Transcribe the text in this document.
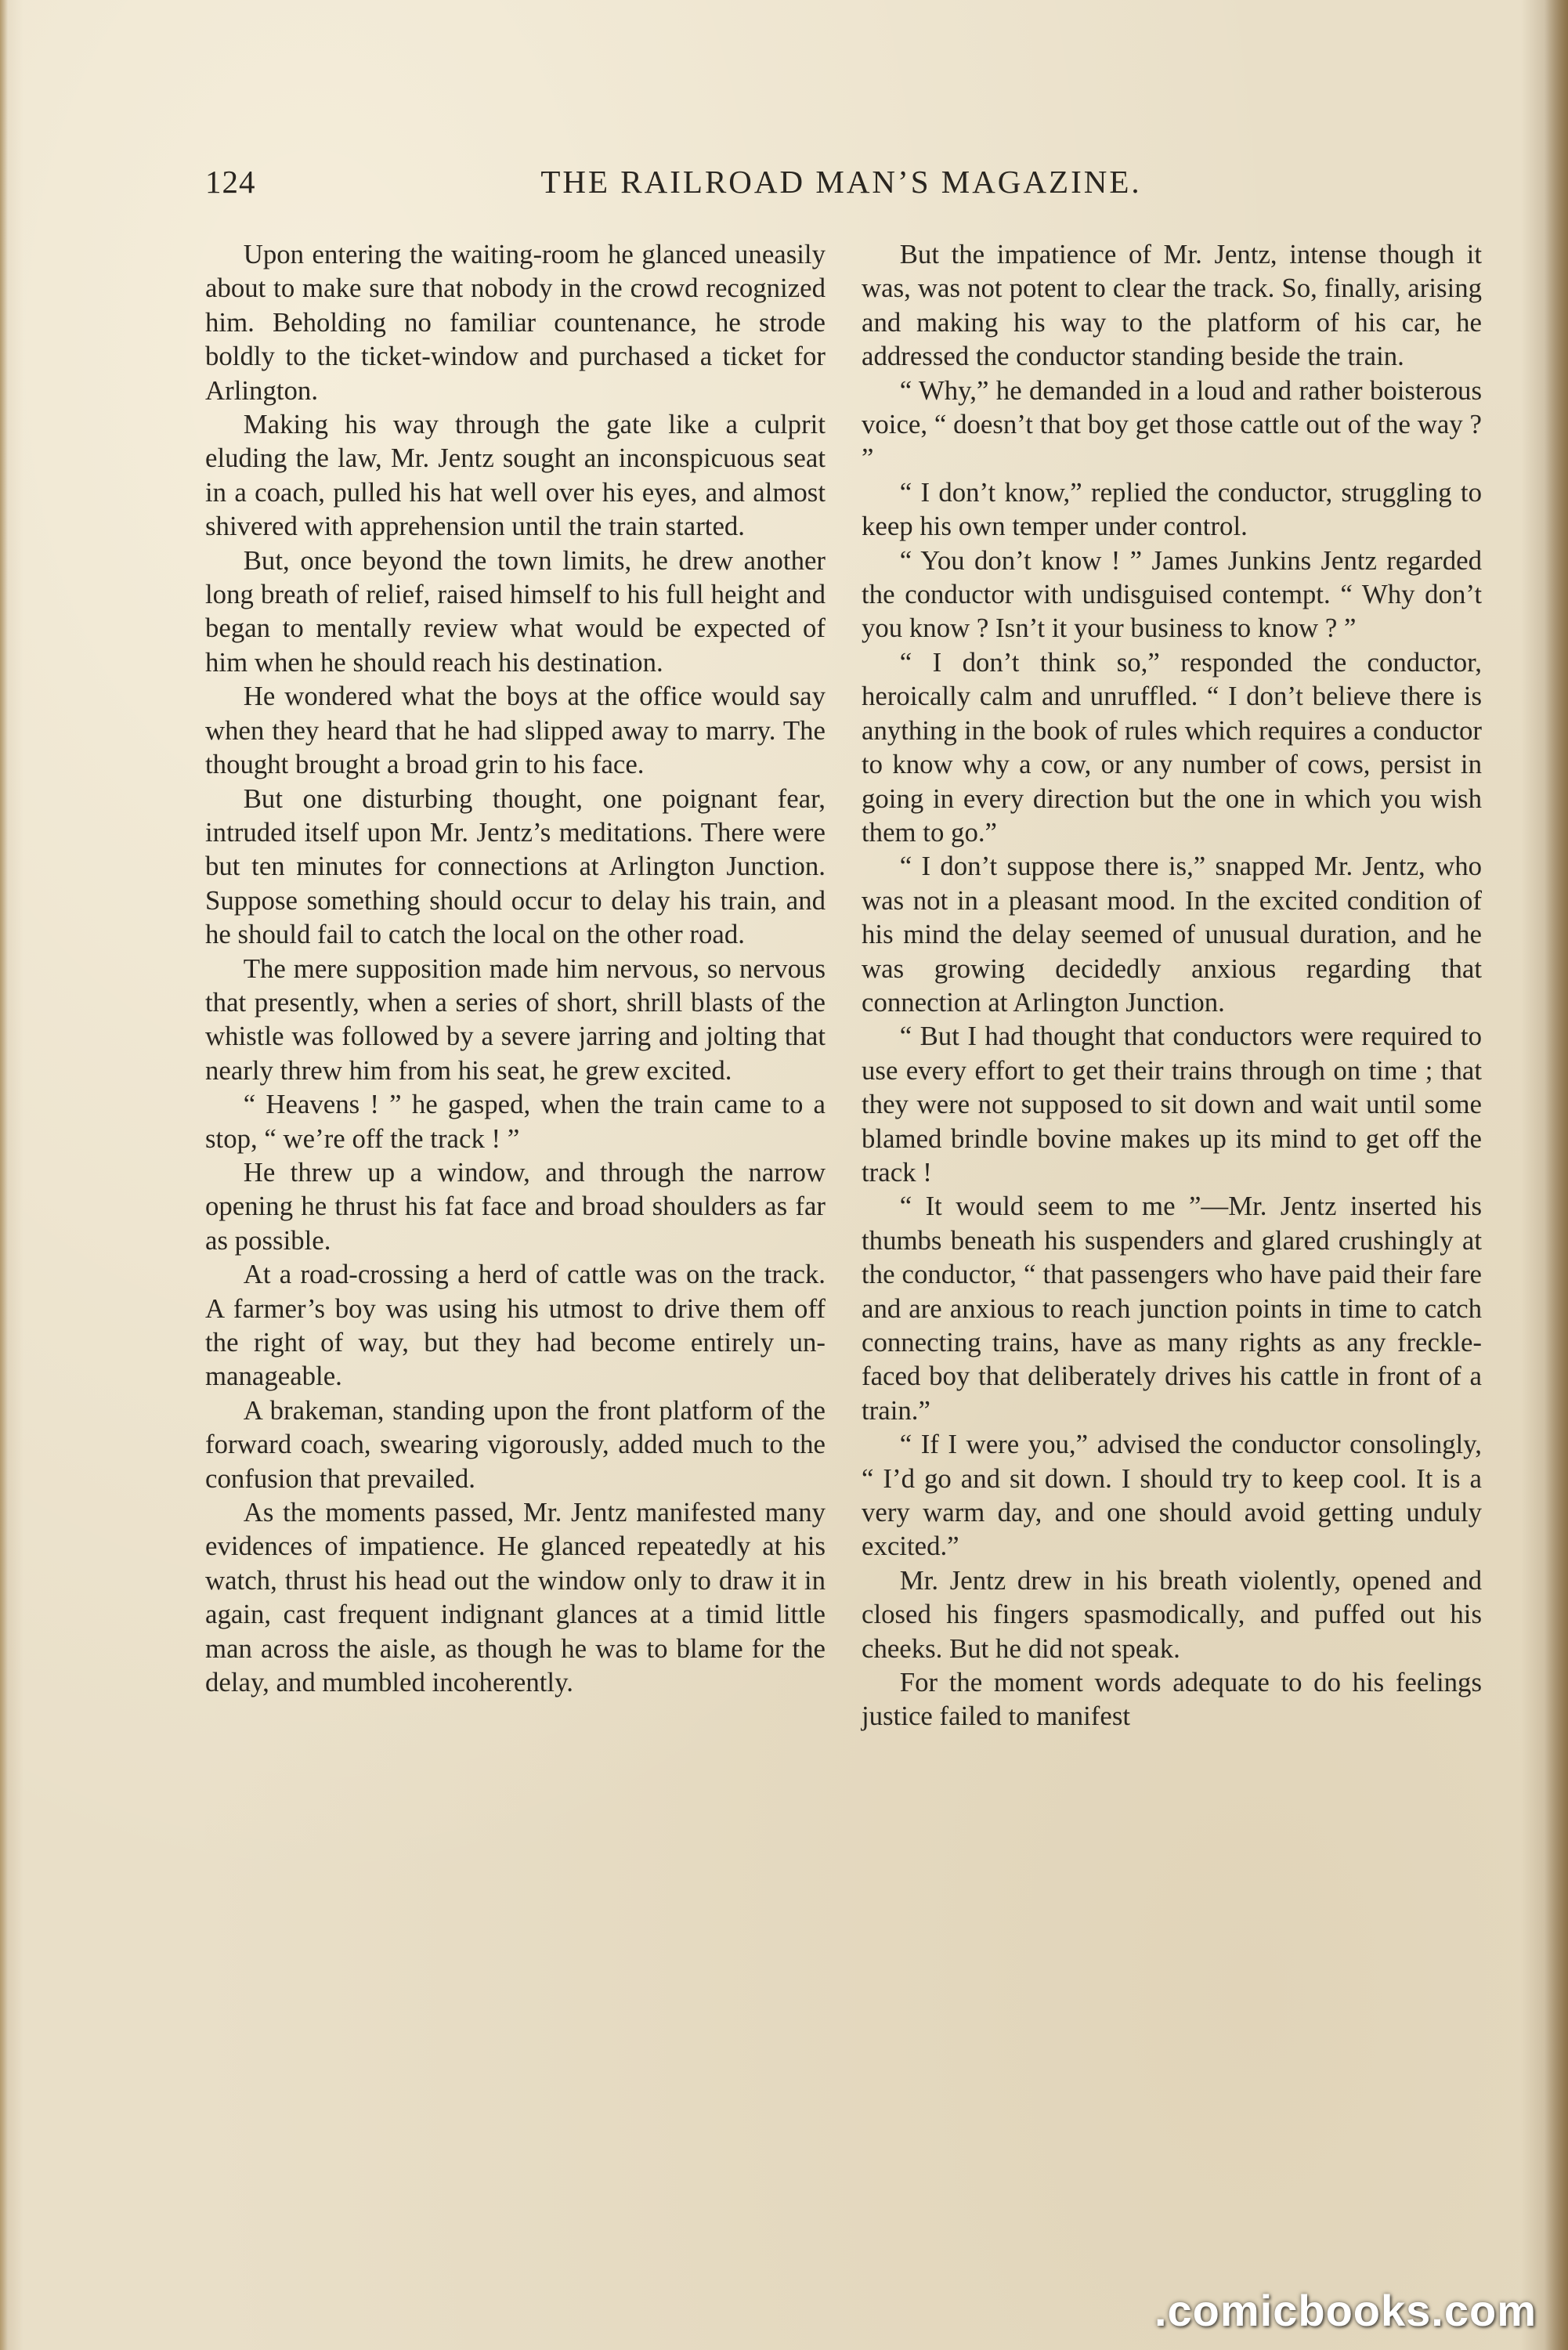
124	THE RAILROAD MAN’S MAGAZINE.

Upon entering the waiting-room he glanced uneasily about to make sure that nobody in the crowd recognized him. Beholding no familiar countenance, he strode boldly to the ticket-window and purchased a ticket for Arlington.

Making his way through the gate like a culprit eluding the law, Mr. Jentz sought an inconspicuous seat in a coach, pulled his hat well over his eyes, and almost shivered with apprehension until the train started.

But, once beyond the town limits, he drew another long breath of relief, raised himself to his full height and began to mentally review what would be expected of him when he should reach his destination.

He wondered what the boys at the office would say when they heard that he had slipped away to marry. The thought brought a broad grin to his face.

But one disturbing thought, one poignant fear, intruded itself upon Mr. Jentz’s meditations. There were but ten minutes for connections at Arlington Junction. Suppose something should occur to delay his train, and he should fail to catch the local on the other road.

The mere supposition made him nervous, so nervous that presently, when a series of short, shrill blasts of the whistle was followed by a severe jarring and jolting that nearly threw him from his seat, he grew excited.

“ Heavens ! ” he gasped, when the train came to a stop, “ we’re off the track ! ”

He threw up a window, and through the narrow opening he thrust his fat face and broad shoulders as far as possible.

At a road-crossing a herd of cattle was on the track. A farmer’s boy was using his utmost to drive them off the right of way, but they had become entirely unmanageable.

A brakeman, standing upon the front platform of the forward coach, swearing vigorously, added much to the confusion that prevailed.

As the moments passed, Mr. Jentz manifested many evidences of impatience. He glanced repeatedly at his watch, thrust his head out the window only to draw it in again, cast frequent indignant glances at a timid little man across the aisle, as though he was to blame for the delay, and mumbled incoherently.

But the impatience of Mr. Jentz, intense though it was, was not potent to clear the track. So, finally, arising and making his way to the platform of his car, he addressed the conductor standing beside the train.

“ Why,” he demanded in a loud and rather boisterous voice, “ doesn’t that boy get those cattle out of the way ? ”

“ I don’t know,” replied the conductor, struggling to keep his own temper under control.

“ You don’t know ! ” James Junkins Jentz regarded the conductor with undisguised contempt. “ Why don’t you know ? Isn’t it your business to know ? ”

“ I don’t think so,” responded the conductor, heroically calm and unruffled. “ I don’t believe there is anything in the book of rules which requires a conductor to know why a cow, or any number of cows, persist in going in every direction but the one in which you wish them to go.”

“ I don’t suppose there is,” snapped Mr. Jentz, who was not in a pleasant mood. In the excited condition of his mind the delay seemed of unusual duration, and he was growing decidedly anxious regarding that connection at Arlington Junction.

“ But I had thought that conductors were required to use every effort to get their trains through on time ; that they were not supposed to sit down and wait until some blamed brindle bovine makes up its mind to get off the track !

“ It would seem to me ”—Mr. Jentz inserted his thumbs beneath his suspenders and glared crushingly at the conductor, “ that passengers who have paid their fare and are anxious to reach junction points in time to catch connecting trains, have as many rights as any freckle-faced boy that deliberately drives his cattle in front of a train.”

“ If I were you,” advised the conductor consolingly, “ I’d go and sit down. I should try to keep cool. It is a very warm day, and one should avoid getting unduly excited.”

Mr. Jentz drew in his breath violently, opened and closed his fingers spasmodically, and puffed out his cheeks. But he did not speak.

For the moment words adequate to do his feelings justice failed to manifest

.comicbooks.com
